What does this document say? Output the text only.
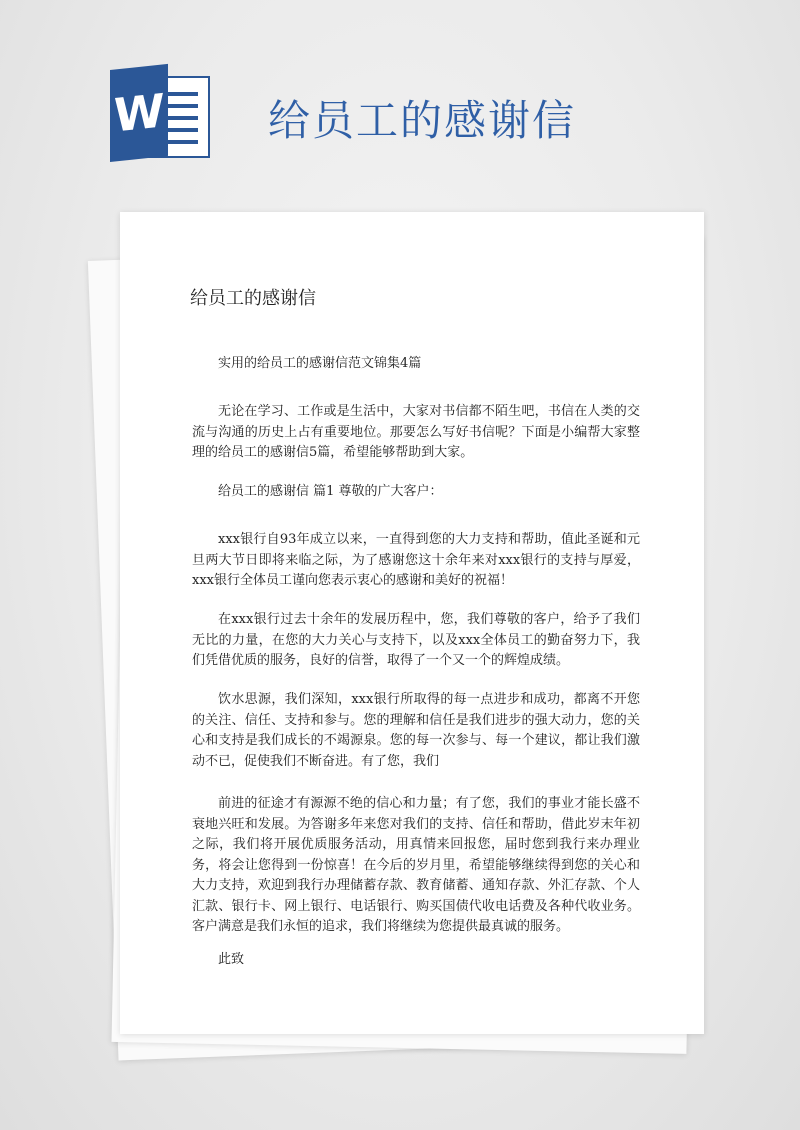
W 给员工的感谢信
给员工的感谢信

实用的给员工的感谢信范文锦集4篇

无论在学习、工作或是生活中，大家对书信都不陌生吧，书信在人类的交流与沟通的历史上占有重要地位。那要怎么写好书信呢？下面是小编帮大家整理的给员工的感谢信5篇，希望能够帮助到大家。

给员工的感谢信 篇1 尊敬的广大客户：

xxx银行自93年成立以来，一直得到您的大力支持和帮助，值此圣诞和元旦两大节日即将来临之际，为了感谢您这十余年来对xxx银行的支持与厚爱，xxx银行全体员工谨向您表示衷心的感谢和美好的祝福！

在xxx银行过去十余年的发展历程中，您，我们尊敬的客户，给予了我们无比的力量，在您的大力关心与支持下，以及xxx全体员工的勤奋努力下，我们凭借优质的服务，良好的信誉，取得了一个又一个的辉煌成绩。

饮水思源，我们深知，xxx银行所取得的每一点进步和成功，都离不开您的关注、信任、支持和参与。您的理解和信任是我们进步的强大动力，您的关心和支持是我们成长的不竭源泉。您的每一次参与、每一个建议，都让我们激动不已，促使我们不断奋进。有了您，我们

前进的征途才有源源不绝的信心和力量；有了您，我们的事业才能长盛不衰地兴旺和发展。为答谢多年来您对我们的支持、信任和帮助，借此岁末年初之际，我们将开展优质服务活动，用真情来回报您，届时您到我行来办理业务，将会让您得到一份惊喜！在今后的岁月里，希望能够继续得到您的关心和大力支持，欢迎到我行办理储蓄存款、教育储蓄、通知存款、外汇存款、个人汇款、银行卡、网上银行、电话银行、购买国债代收电话费及各种代收业务。客户满意是我们永恒的追求，我们将继续为您提供最真诚的服务。

此致
